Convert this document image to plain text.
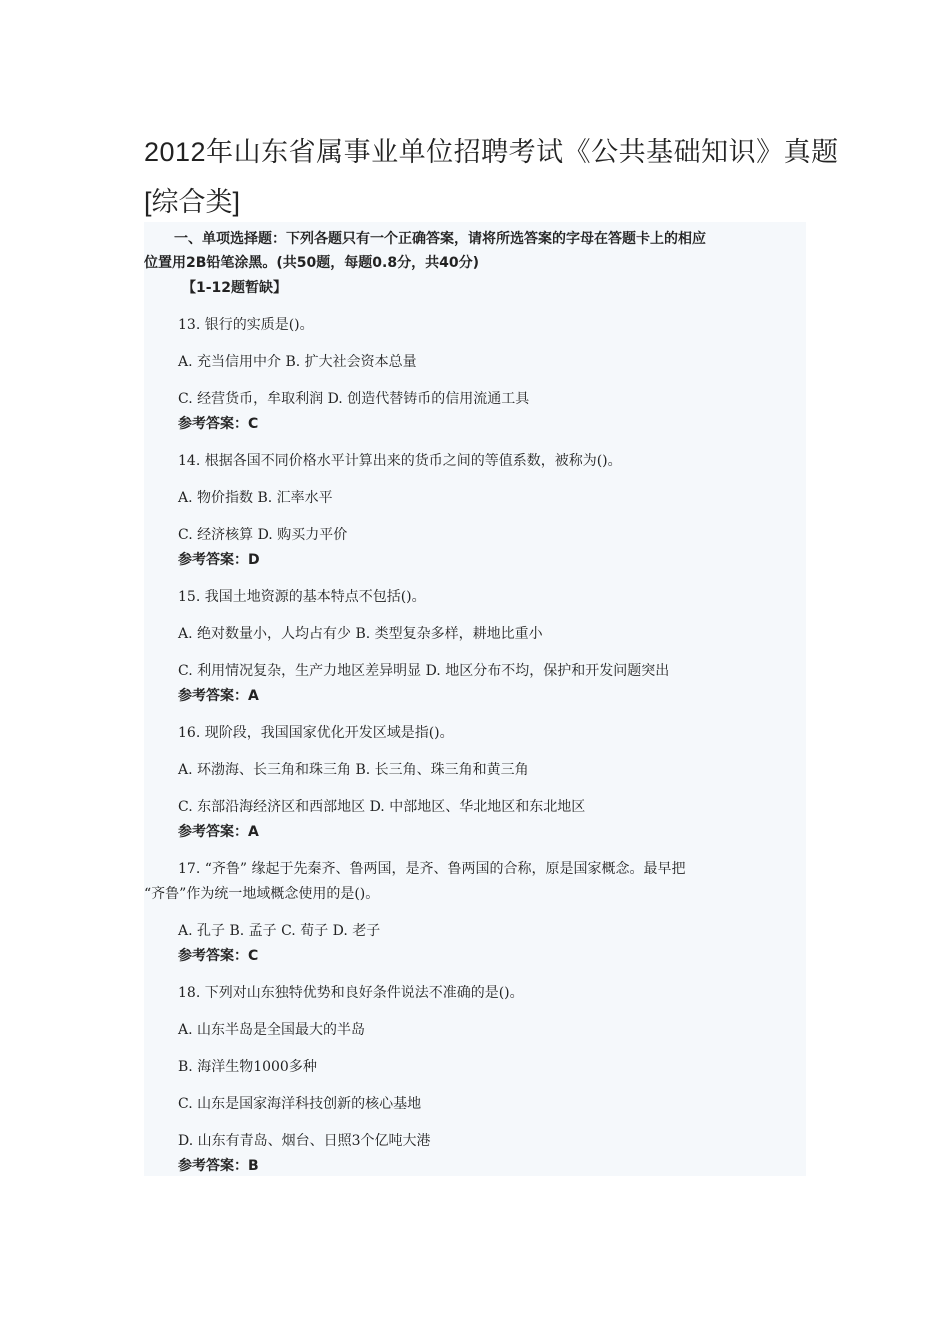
2012年山东省属事业单位招聘考试《公共基础知识》真题
[综合类]
一、单项选择题：下列各题只有一个正确答案，请将所选答案的字母在答题卡上的相应
位置用2B铅笔涂黑。(共50题，每题0.8分，共40分)
【1-12题暂缺】
13. 银行的实质是()。
A. 充当信用中介 B. 扩大社会资本总量
C. 经营货币，牟取利润 D. 创造代替铸币的信用流通工具
参考答案：C
14. 根据各国不同价格水平计算出来的货币之间的等值系数，被称为()。
A. 物价指数 B. 汇率水平
C. 经济核算 D. 购买力平价
参考答案：D
15. 我国土地资源的基本特点不包括()。
A. 绝对数量小，人均占有少 B. 类型复杂多样，耕地比重小
C. 利用情况复杂，生产力地区差异明显 D. 地区分布不均，保护和开发问题突出
参考答案：A
16. 现阶段，我国国家优化开发区域是指()。
A. 环渤海、长三角和珠三角 B. 长三角、珠三角和黄三角
C. 东部沿海经济区和西部地区 D. 中部地区、华北地区和东北地区
参考答案：A
17. “齐鲁” 缘起于先秦齐、鲁两国，是齐、鲁两国的合称，原是国家概念。最早把
“齐鲁”作为统一地域概念使用的是()。
A. 孔子 B. 孟子 C. 荀子 D. 老子
参考答案：C
18. 下列对山东独特优势和良好条件说法不准确的是()。
A. 山东半岛是全国最大的半岛
B. 海洋生物1000多种
C. 山东是国家海洋科技创新的核心基地
D. 山东有青岛、烟台、日照3个亿吨大港
参考答案：B
